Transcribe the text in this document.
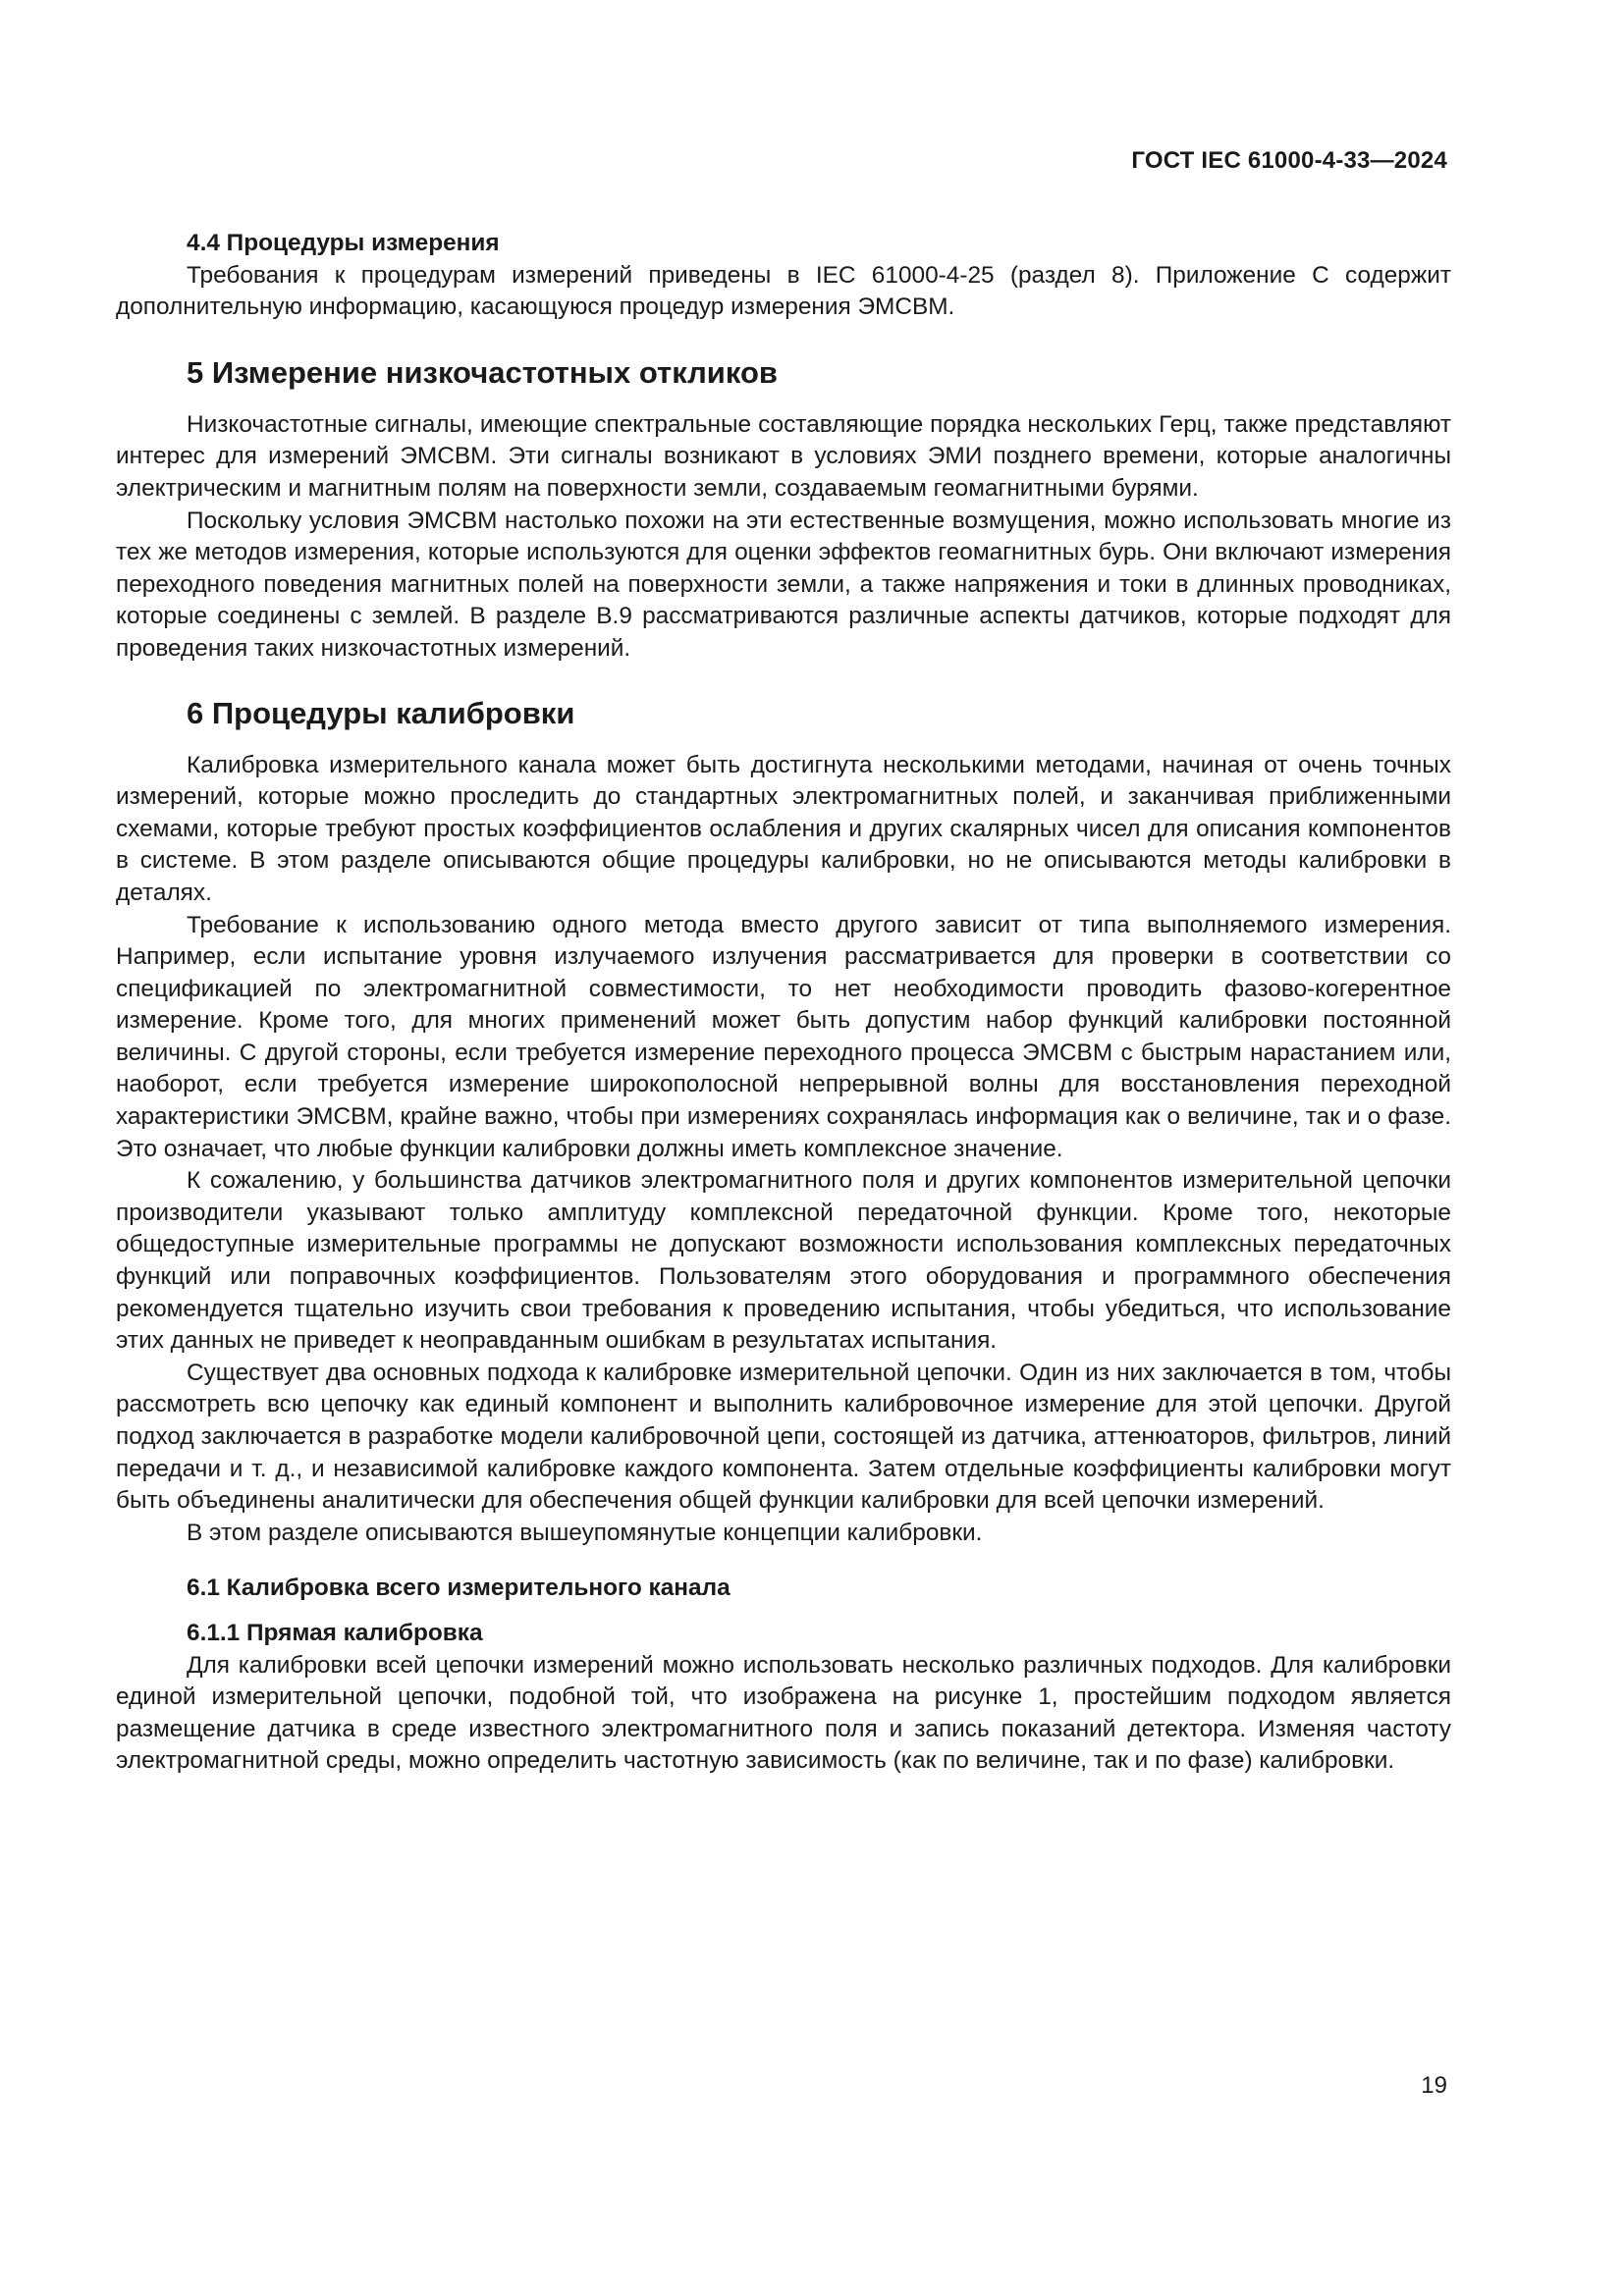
ГОСТ IEC 61000-4-33—2024
4.4 Процедуры измерения

Требования к процедурам измерений приведены в IEC 61000-4-25 (раздел 8). Приложение С содержит дополнительную информацию, касающуюся процедур измерения ЭМСВМ.

5 Измерение низкочастотных откликов

Низкочастотные сигналы, имеющие спектральные составляющие порядка нескольких Герц, также представляют интерес для измерений ЭМСВМ. Эти сигналы возникают в условиях ЭМИ позднего времени, которые аналогичны электрическим и магнитным полям на поверхности земли, создаваемым геомагнитными бурями.

Поскольку условия ЭМСВМ настолько похожи на эти естественные возмущения, можно использовать многие из тех же методов измерения, которые используются для оценки эффектов геомагнитных бурь. Они включают измерения переходного поведения магнитных полей на поверхности земли, а также напряжения и токи в длинных проводниках, которые соединены с землей. В разделе В.9 рассматриваются различные аспекты датчиков, которые подходят для проведения таких низкочастотных измерений.

6 Процедуры калибровки

Калибровка измерительного канала может быть достигнута несколькими методами, начиная от очень точных измерений, которые можно проследить до стандартных электромагнитных полей, и заканчивая приближенными схемами, которые требуют простых коэффициентов ослабления и других скалярных чисел для описания компонентов в системе. В этом разделе описываются общие процедуры калибровки, но не описываются методы калибровки в деталях.

Требование к использованию одного метода вместо другого зависит от типа выполняемого измерения. Например, если испытание уровня излучаемого излучения рассматривается для проверки в соответствии со спецификацией по электромагнитной совместимости, то нет необходимости проводить фазово-когерентное измерение. Кроме того, для многих применений может быть допустим набор функций калибровки постоянной величины. С другой стороны, если требуется измерение переходного процесса ЭМСВМ с быстрым нарастанием или, наоборот, если требуется измерение широкополосной непрерывной волны для восстановления переходной характеристики ЭМСВМ, крайне важно, чтобы при измерениях сохранялась информация как о величине, так и о фазе. Это означает, что любые функции калибровки должны иметь комплексное значение.

К сожалению, у большинства датчиков электромагнитного поля и других компонентов измерительной цепочки производители указывают только амплитуду комплексной передаточной функции. Кроме того, некоторые общедоступные измерительные программы не допускают возможности использования комплексных передаточных функций или поправочных коэффициентов. Пользователям этого оборудования и программного обеспечения рекомендуется тщательно изучить свои требования к проведению испытания, чтобы убедиться, что использование этих данных не приведет к неоправданным ошибкам в результатах испытания.

Существует два основных подхода к калибровке измерительной цепочки. Один из них заключается в том, чтобы рассмотреть всю цепочку как единый компонент и выполнить калибровочное измерение для этой цепочки. Другой подход заключается в разработке модели калибровочной цепи, состоящей из датчика, аттенюаторов, фильтров, линий передачи и т. д., и независимой калибровке каждого компонента. Затем отдельные коэффициенты калибровки могут быть объединены аналитически для обеспечения общей функции калибровки для всей цепочки измерений.

В этом разделе описываются вышеупомянутые концепции калибровки.

6.1 Калибровка всего измерительного канала
6.1.1 Прямая калибровка

Для калибровки всей цепочки измерений можно использовать несколько различных подходов. Для калибровки единой измерительной цепочки, подобной той, что изображена на рисунке 1, простейшим подходом является размещение датчика в среде известного электромагнитного поля и запись показаний детектора. Изменяя частоту электромагнитной среды, можно определить частотную зависимость (как по величине, так и по фазе) калибровки.

19
